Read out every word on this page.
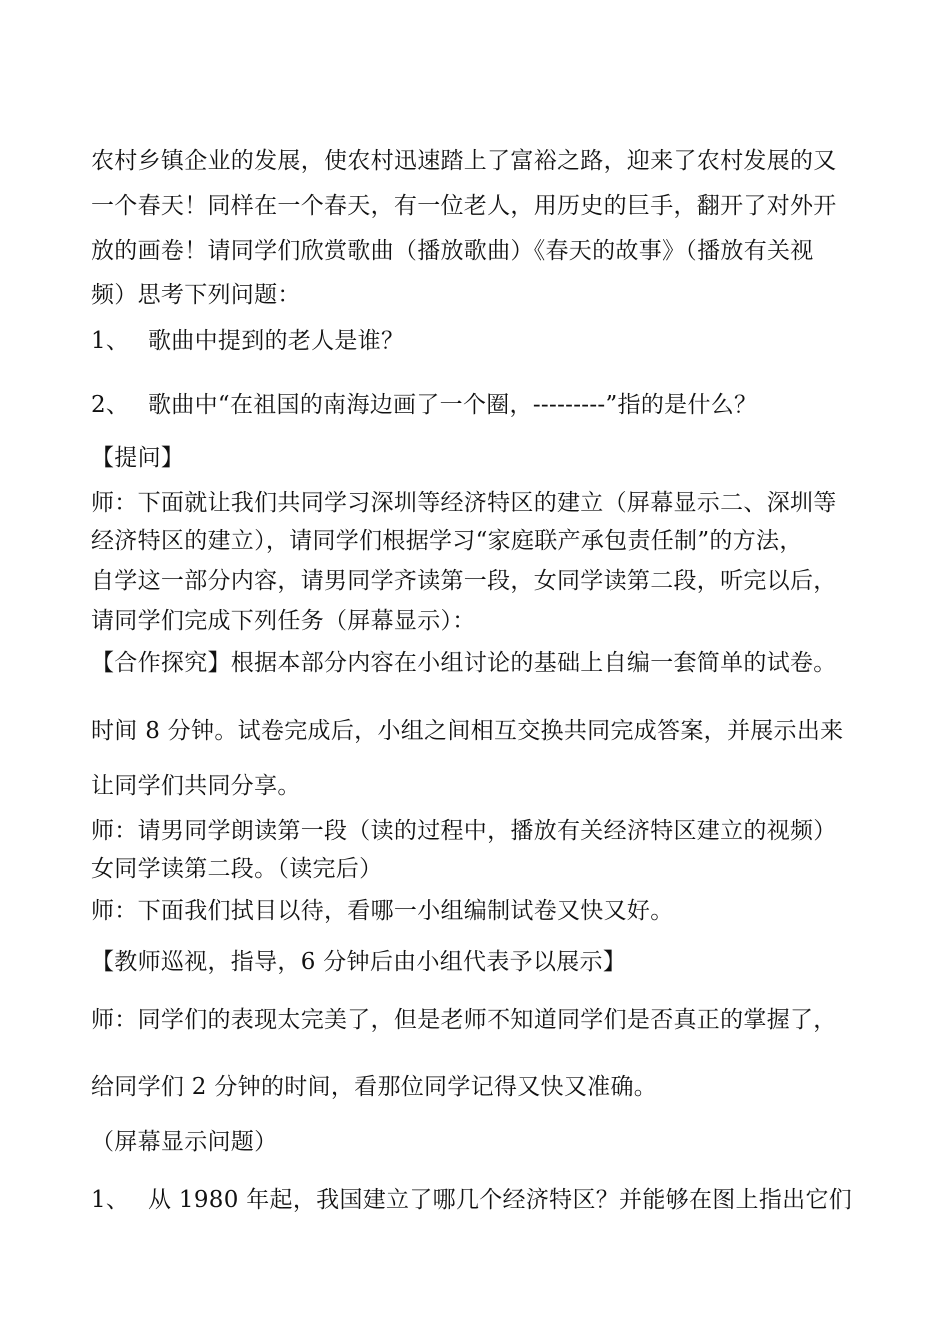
农村乡镇企业的发展，使农村迅速踏上了富裕之路，迎来了农村发展的又
一个春天！同样在一个春天，有一位老人，用历史的巨手，翻开了对外开
放的画卷！请同学们欣赏歌曲（播放歌曲）《春天的故事》（播放有关视
频）思考下列问题：
1、 歌曲中提到的老人是谁？
2、 歌曲中“在祖国的南海边画了一个圈，---------”指的是什么？
【提问】
师：下面就让我们共同学习深圳等经济特区的建立（屏幕显示二、深圳等
经济特区的建立），请同学们根据学习“家庭联产承包责任制”的方法，
自学这一部分内容，请男同学齐读第一段，女同学读第二段，听完以后，
请同学们完成下列任务（屏幕显示）：
【合作探究】根据本部分内容在小组讨论的基础上自编一套简单的试卷。
时间 8 分钟。试卷完成后，小组之间相互交换共同完成答案，并展示出来
让同学们共同分享。
师：请男同学朗读第一段（读的过程中，播放有关经济特区建立的视频）
女同学读第二段。（读完后）
师：下面我们拭目以待，看哪一小组编制试卷又快又好。
【教师巡视，指导，6 分钟后由小组代表予以展示】
师：同学们的表现太完美了，但是老师不知道同学们是否真正的掌握了，
给同学们 2 分钟的时间，看那位同学记得又快又准确。
（屏幕显示问题）
1、 从 1980 年起，我国建立了哪几个经济特区？并能够在图上指出它们
